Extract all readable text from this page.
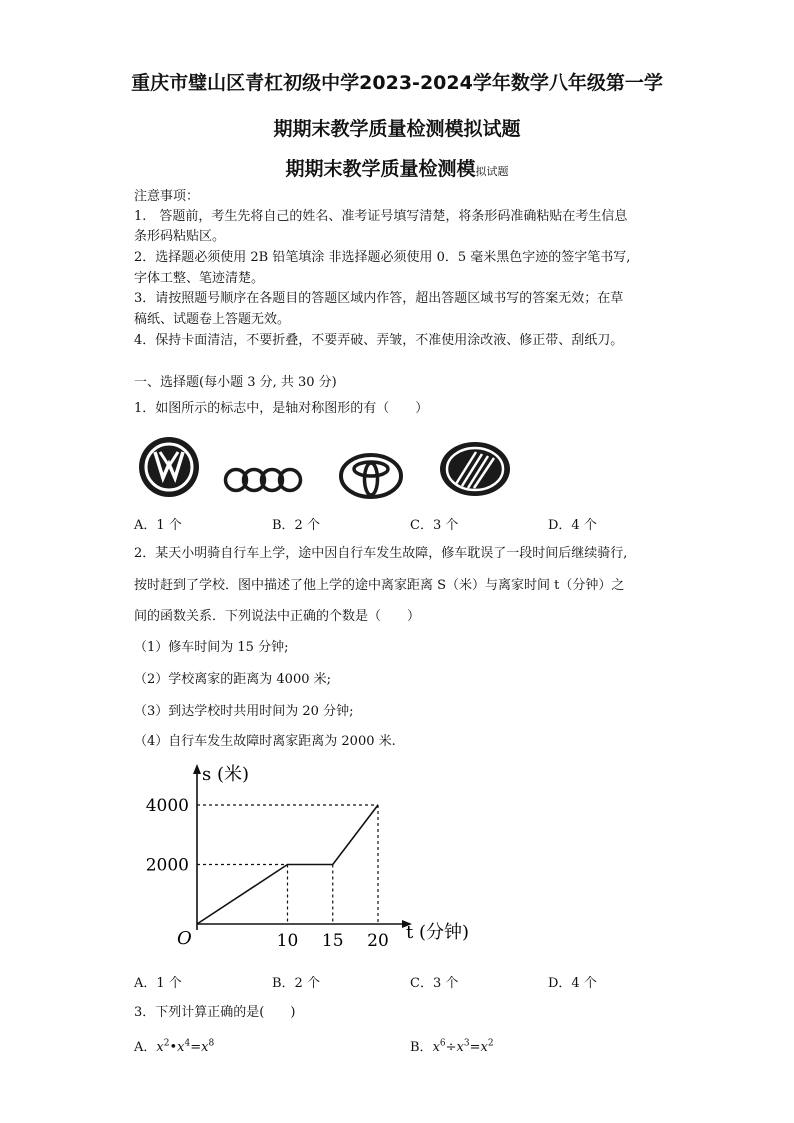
重庆市璧山区青杠初级中学2023-2024学年数学八年级第一学
期期末教学质量检测模拟试题
期期末教学质量检测模拟试题
注意事项：
1.　答题前，考生先将自己的姓名、准考证号填写清楚，将条形码准确粘贴在考生信息
条形码粘贴区。
2．选择题必须使用 2B 铅笔填涂 非选择题必须使用 0．5 毫米黑色字迹的签字笔书写,
字体工整、笔迹清楚。
3．请按照题号顺序在各题目的答题区域内作答，超出答题区域书写的答案无效；在草
稿纸、试题卷上答题无效。
4．保持卡面清洁，不要折叠，不要弄破、弄皱，不准使用涂改液、修正带、刮纸刀。
一、选择题(每小题 3 分, 共 30 分)
1．如图所示的标志中，是轴对称图形的有（　　）
A．1 个	B．2 个	C．3 个	D．4 个
2．某天小明骑自行车上学，途中因自行车发生故障，修车耽误了一段时间后继续骑行,
按时赶到了学校．图中描述了他上学的途中离家距离 S（米）与离家时间 t（分钟）之
间的函数关系．下列说法中正确的个数是（　　）
（1）修车时间为 15 分钟;
（2）学校离家的距离为 4000 米;
（3）到达学校时共用时间为 20 分钟;
（4）自行车发生故障时离家距离为 2000 米.
2000
4000
10 15 20
O	t (分钟)
s (米)
A．1 个	B．2 个	C．3 个	D．4 个
3．下列计算正确的是(　　)
A．$x^2•x^4=x^8$	B．$x^6\div x^3=x^2$
